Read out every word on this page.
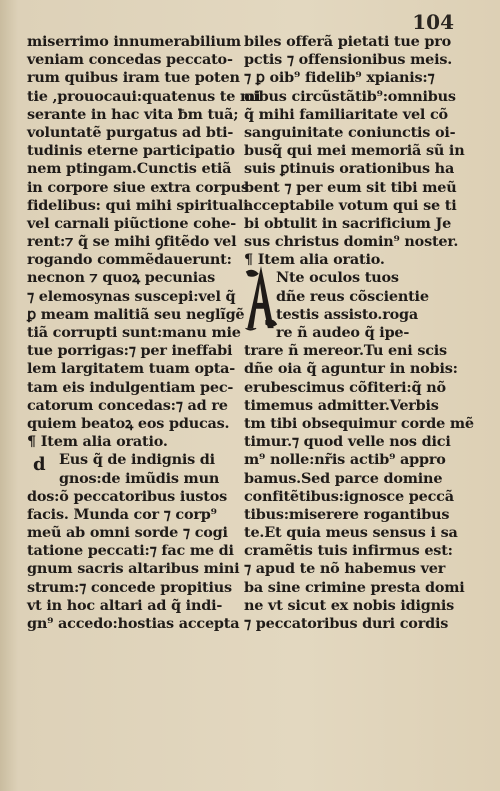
104
miserrimo innumerabilium
veniam concedas peccato-
rum quibus iram tue poten
tie ,prouocaui:quatenus te mi
serante in hac vita ƀm tuã;
voluntatẽ purgatus ad bti-
tudinis eterne participatio
nem ptingam.Cunctis etiã
in corpore siue extra corpus
fidelibus: qui mihi spirituali
vel carnali piũctione cohe-
rent:⁊ q̃ se mihi ꝯfitẽdo vel
rogando commẽdauerunt:
necnon ⁊ quoꝝ pecunias
⁊ elemosynas suscepi:vel q̃
ꝑ meam malitiã seu neglĩgẽ
tiã corrupti sunt:manu mie
tue porrigas:⁊ per ineffabi
lem largitatem tuam opta-
tam eis indulgentiam pec-
catorum concedas:⁊ ad re
quiem beatoꝝ eos pducas.
¶ Item alia oratio.
Eus q̃ de indignis di
gnos:de imũdis mun
dos:õ peccatoribus iustos
facis. Munda cor ⁊ corp⁹
meũ ab omni sorde ⁊ cogi
tatione peccati:⁊ fac me di
gnum sacris altaribus mini
strum:⁊ concede propitius
vt in hoc altari ad q̃ indi-
gn⁹ accedo:hostias accepta
d
biles offerã pietati tue pro
pctis ⁊ offensionibus meis.
⁊ ꝑ oib⁹ fidelib⁹ xpianis:⁊
oibus circũstãtib⁹:omnibus
q̃ mihi familiaritate vel cõ
sanguinitate coniunctis oi-
busq̃ qui mei memoriã sũ in
suis ꝑtinuis orationibus ha
bent ⁊ per eum sit tibi meũ
acceptabile votum qui se ti
bi obtulit in sacrificium Je
sus christus domin⁹ noster.
¶ Item alia oratio.
Nte oculos tuos
dñe reus cõscientie
testis assisto.roga
re ñ audeo q̃ ipe-
trare ñ mereor.Tu eni scis
dñe oia q̃ aguntur in nobis:
erubescimus cõfiteri:q̃ nõ
timemus admitter.Verbis
tm tibi obsequimur corde mẽ
timur.⁊ quod velle nos dici
m⁹ nolle:nr̃is actib⁹ appro
bamus.Sed parce domine
confitẽtibus:ignosce peccã
tibus:miserere rogantibus
te.Et quia meus sensus i sa
cramẽtis tuis infirmus est:
⁊ apud te nõ habemus ver
ba sine crimine presta domi
ne vt sicut ex nobis idignis
⁊ peccatoribus duri cordis
